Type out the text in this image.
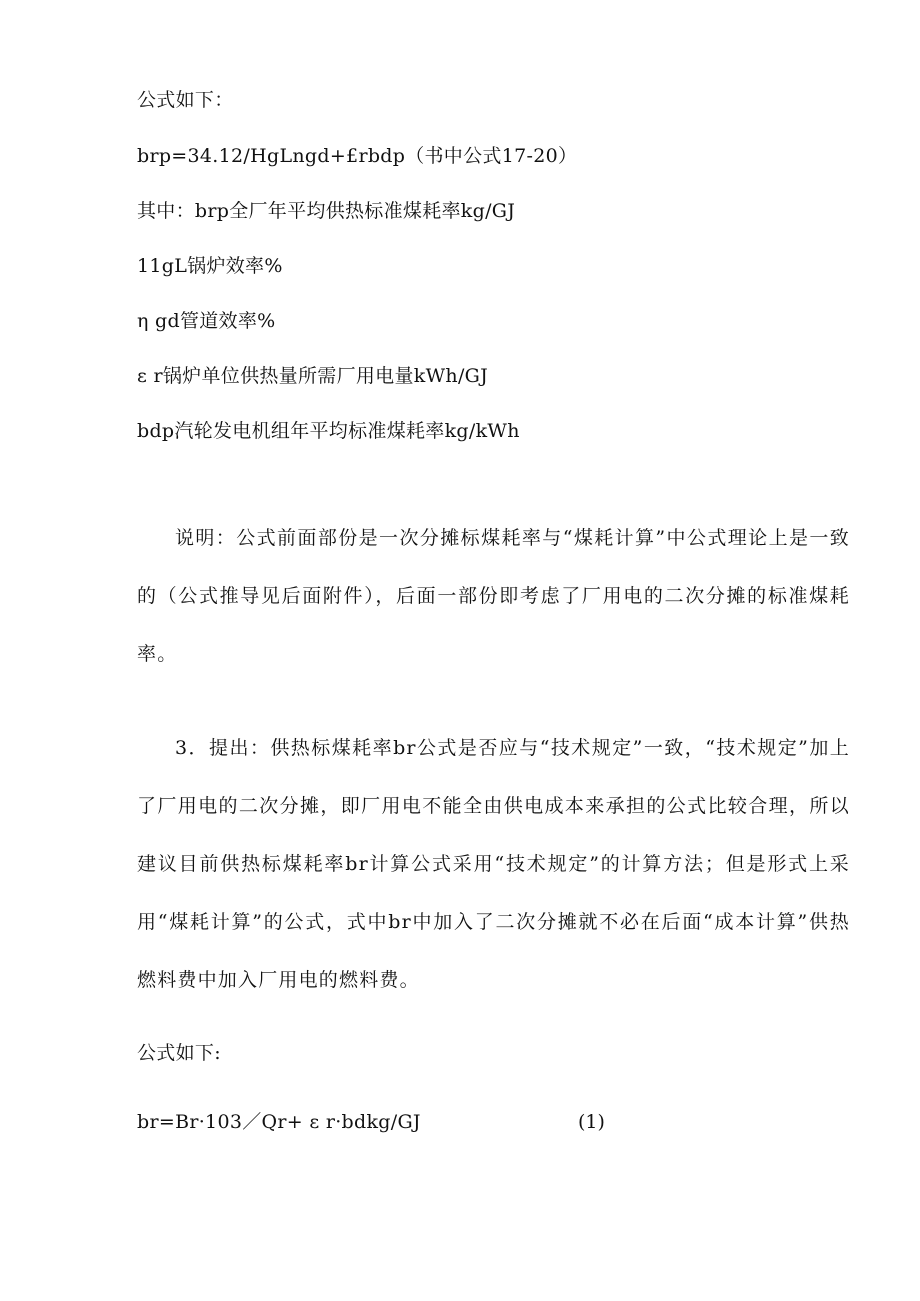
公式如下：
brp=34.12/HgLngd+£rbdp（书中公式17-20）
其中：brp全厂年平均供热标准煤耗率kg/GJ
11gL锅炉效率%
η gd管道效率%
ε r锅炉单位供热量所需厂用电量kWh/GJ
bdp汽轮发电机组年平均标准煤耗率kg/kWh

说明：公式前面部份是一次分摊标煤耗率与“煤耗计算”中公式理论上是一致的（公式推导见后面附件），后面一部份即考虑了厂用电的二次分摊的标准煤耗率。

3．提出：供热标煤耗率br公式是否应与“技术规定”一致，“技术规定”加上了厂用电的二次分摊，即厂用电不能全由供电成本来承担的公式比较合理，所以建议目前供热标煤耗率br计算公式采用“技术规定”的计算方法；但是形式上采用“煤耗计算”的公式，式中br中加入了二次分摊就不必在后面“成本计算”供热燃料费中加入厂用电的燃料费。

公式如下:
br=Br·103／Qr+ ε r·bdkg/GJ	(1)
